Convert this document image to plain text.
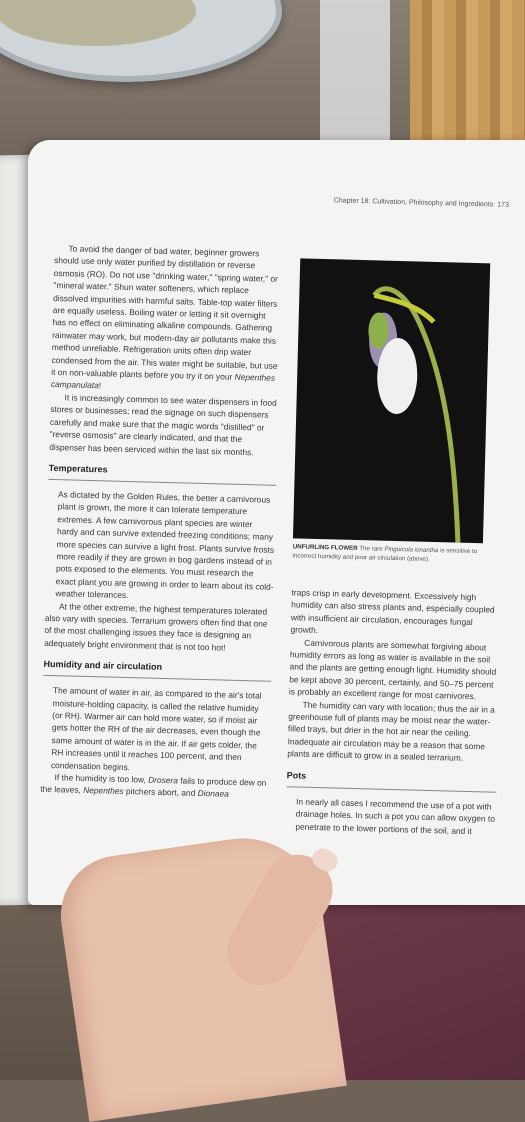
Chapter 18: Cultivation, Philosophy and Ingredients 173

To avoid the danger of bad water, beginner growers should use only water purified by distillation or reverse osmosis (RO). Do not use "drinking water," "spring water," or "mineral water." Shun water softeners, which replace dissolved impurities with harmful salts. Table-top water filters are equally useless. Boiling water or letting it sit overnight has no effect on eliminating alkaline compounds. Gathering rainwater may work, but modern-day air pollutants make this method unreliable. Refrigeration units often drip water condensed from the air. This water might be suitable, but use it on non-valuable plants before you try it on your Nepenthes campanulata!

It is increasingly common to see water dispensers in food stores or businesses; read the signage on such dispensers carefully and make sure that the magic words "distilled" or "reverse osmosis" are clearly indicated, and that the dispenser has been serviced within the last six months.

Temperatures

As dictated by the Golden Rules, the better a carnivorous plant is grown, the more it can tolerate temperature extremes. A few carnivorous plant species are winter hardy and can survive extended freezing conditions; many more species can survive a light frost. Plants survive frosts more readily if they are grown in bog gardens instead of in pots exposed to the elements. You must research the exact plant you are growing in order to learn about its cold-weather tolerances.

At the other extreme, the highest temperatures tolerated also vary with species. Terrarium growers often find that one of the most challenging issues they face is designing an adequately bright environment that is not too hot!

Humidity and air circulation

The amount of water in air, as compared to the air's total moisture-holding capacity, is called the relative humidity (or RH). Warmer air can hold more water, so if moist air gets hotter the RH of the air decreases, even though the same amount of water is in the air. If air gets colder, the RH increases until it reaches 100 percent, and then condensation begins.

If the humidity is too low, Drosera fails to produce dew on the leaves, Nepenthes pitchers abort, and Dionaea

UNFURLING FLOWER The rare Pinguicula ionantha is sensitive to incorrect humidity and poor air circulation (above).

traps crisp in early development. Excessively high humidity can also stress plants and, especially coupled with insufficient air circulation, encourages fungal growth.

Carnivorous plants are somewhat forgiving about humidity errors as long as water is available in the soil and the plants are getting enough light. Humidity should be kept above 30 percent, certainly, and 50–75 percent is probably an excellent range for most carnivores.

The humidity can vary with location; thus the air in a greenhouse full of plants may be moist near the water-filled trays, but drier in the hot air near the ceiling. Inadequate air circulation may be a reason that some plants are difficult to grow in a sealed terrarium.

Pots

In nearly all cases I recommend the use of a pot with drainage holes. In such a pot you can allow oxygen to penetrate to the lower portions of the soil, and it
